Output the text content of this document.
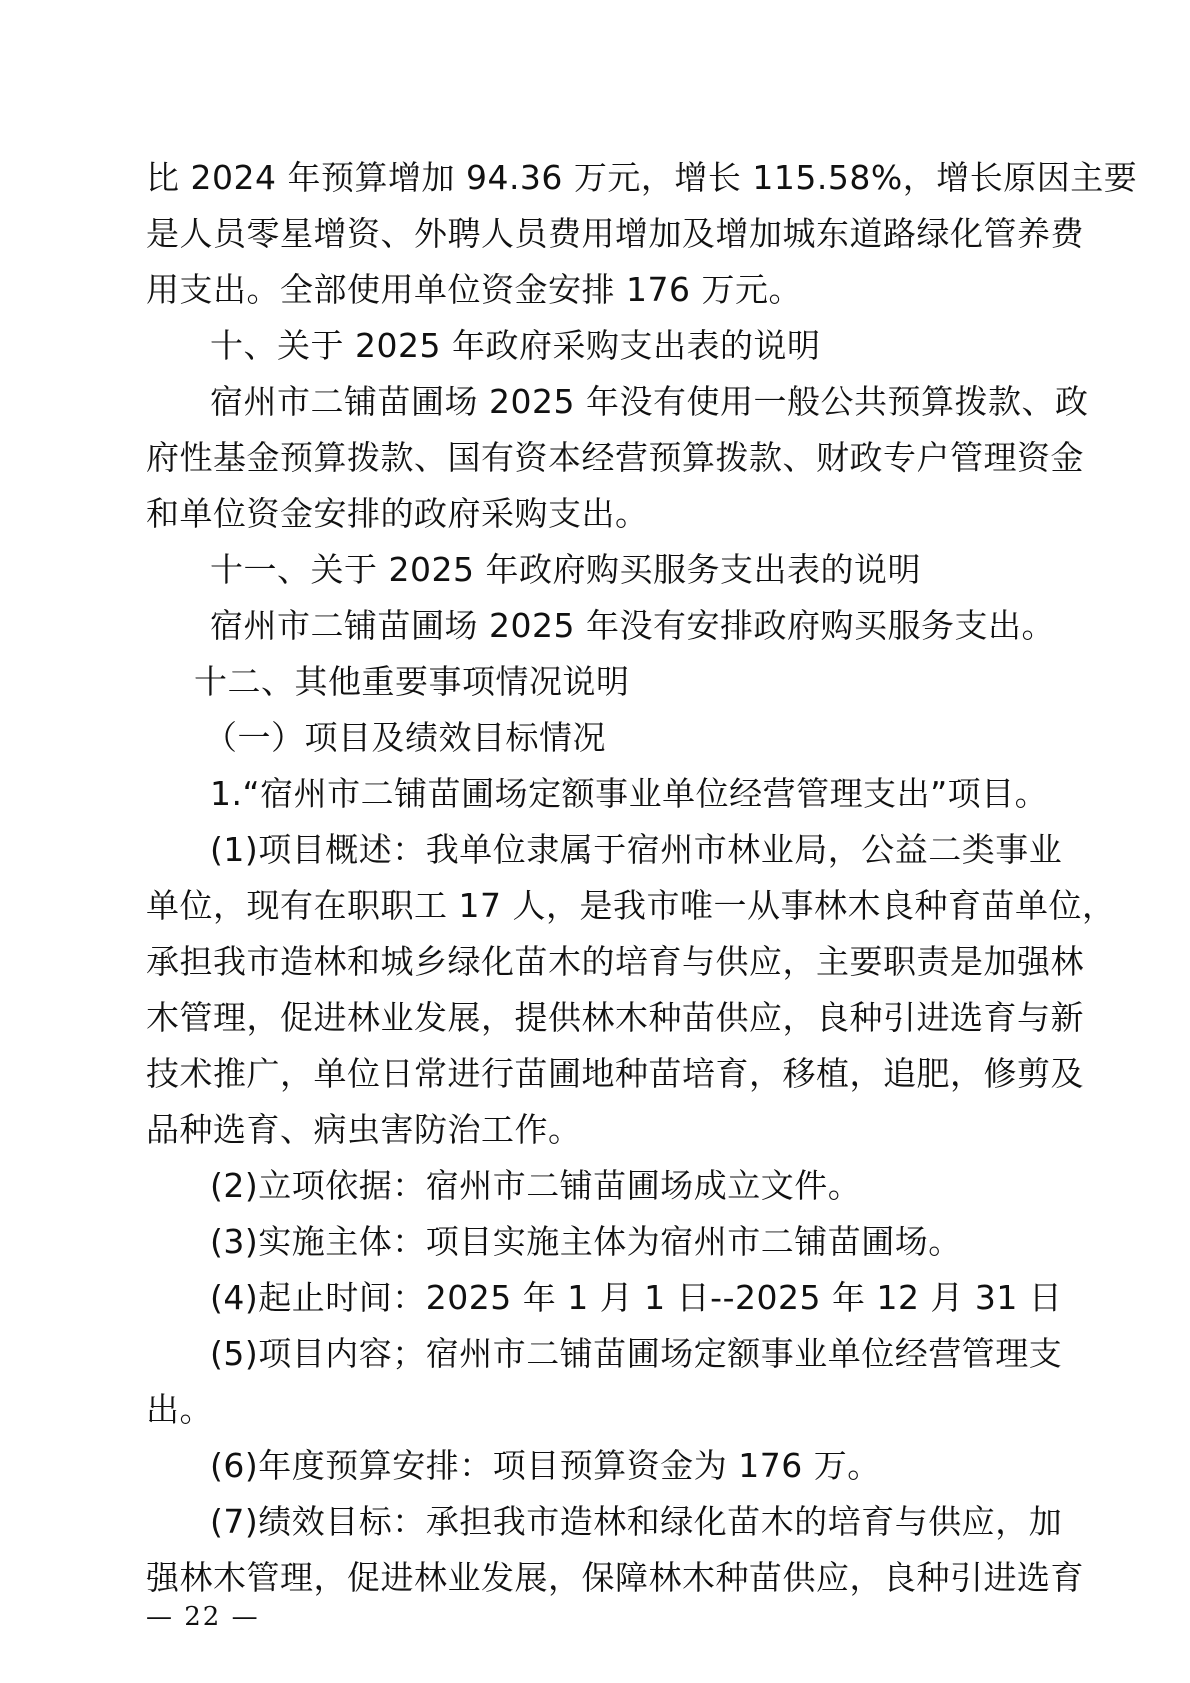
比 2024 年预算增加 94.36 万元，增长 115.58%，增长原因主要
是人员零星增资、外聘人员费用增加及增加城东道路绿化管养费
用支出。全部使用单位资金安排 176 万元。
十、关于 2025 年政府采购支出表的说明
宿州市二铺苗圃场 2025 年没有使用一般公共预算拨款、政
府性基金预算拨款、国有资本经营预算拨款、财政专户管理资金
和单位资金安排的政府采购支出。
十一、关于 2025 年政府购买服务支出表的说明
宿州市二铺苗圃场 2025 年没有安排政府购买服务支出。
十二、其他重要事项情况说明
（一）项目及绩效目标情况
1.“宿州市二铺苗圃场定额事业单位经营管理支出”项目。
(1)项目概述：我单位隶属于宿州市林业局，公益二类事业
单位，现有在职职工 17 人，是我市唯一从事林木良种育苗单位，
承担我市造林和城乡绿化苗木的培育与供应，主要职责是加强林
木管理，促进林业发展，提供林木种苗供应，良种引进选育与新
技术推广，单位日常进行苗圃地种苗培育，移植，追肥，修剪及
品种选育、病虫害防治工作。
(2)立项依据：宿州市二铺苗圃场成立文件。
(3)实施主体：项目实施主体为宿州市二铺苗圃场。
(4)起止时间：2025 年 1 月 1 日--2025 年 12 月 31 日
(5)项目内容；宿州市二铺苗圃场定额事业单位经营管理支
出。
(6)年度预算安排：项目预算资金为 176 万。
(7)绩效目标：承担我市造林和绿化苗木的培育与供应，加
强林木管理，促进林业发展，保障林木种苗供应，良种引进选育
— 22 —
